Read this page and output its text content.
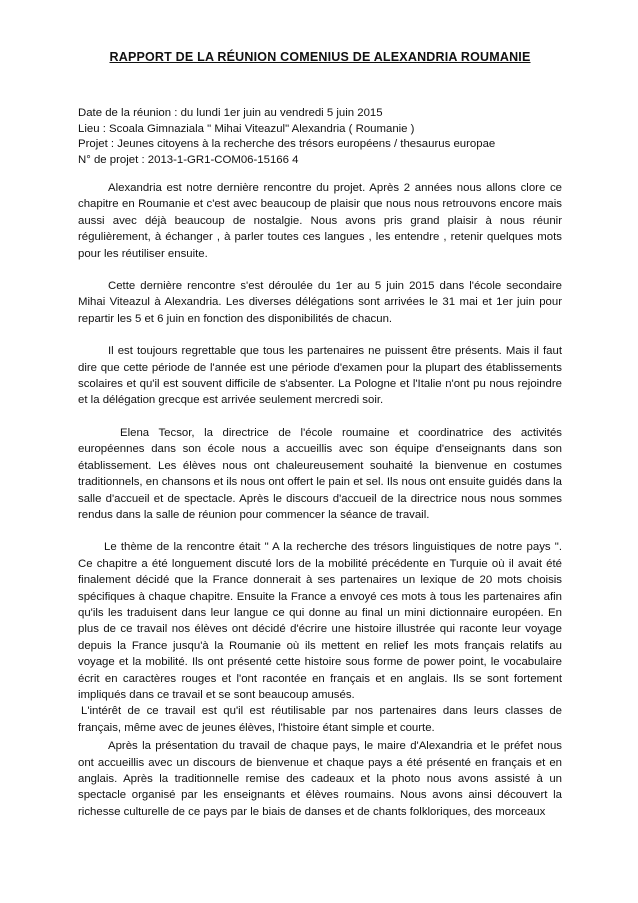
RAPPORT DE LA RÉUNION COMENIUS DE ALEXANDRIA ROUMANIE
Date de la réunion : du lundi 1er juin au vendredi 5 juin 2015
Lieu : Scoala Gimnaziala " Mihai Viteazul" Alexandria ( Roumanie )
Projet : Jeunes citoyens à la recherche des trésors européens / thesaurus europae
N° de projet : 2013-1-GR1-COM06-15166 4

Alexandria est notre dernière rencontre du projet. Après 2 années nous allons clore ce chapitre en Roumanie et c'est avec beaucoup de plaisir que nous nous retrouvons encore mais aussi avec déjà beaucoup de nostalgie. Nous avons pris grand plaisir à nous réunir régulièrement, à échanger , à parler toutes ces langues , les entendre , retenir quelques mots pour les réutiliser ensuite.

Cette dernière rencontre s'est déroulée du 1er au 5 juin 2015 dans l'école secondaire Mihai Viteazul à Alexandria. Les diverses délégations sont arrivées le 31 mai et 1er juin pour repartir les 5 et 6 juin en fonction des disponibilités de chacun.

Il est toujours regrettable que tous les partenaires ne puissent être présents. Mais il faut dire que cette période de l'année est une période d'examen pour la plupart des établissements scolaires et qu'il est souvent difficile de s'absenter. La Pologne et l'Italie n'ont pu nous rejoindre et la délégation grecque est arrivée seulement mercredi soir.

Elena Tecsor, la directrice de l'école roumaine et coordinatrice des activités européennes dans son école nous a accueillis avec son équipe d'enseignants dans son établissement. Les élèves nous ont chaleureusement souhaité la bienvenue en costumes traditionnels, en chansons et ils nous ont offert le pain et sel. Ils nous ont ensuite guidés dans la salle d'accueil et de spectacle. Après le discours d'accueil de la directrice nous nous sommes rendus dans la salle de réunion pour commencer la séance de travail.

Le thème de la rencontre était " A la recherche des trésors linguistiques de notre pays ". Ce chapitre a été longuement discuté lors de la mobilité précédente en Turquie où il avait été finalement décidé que la France donnerait à ses partenaires un lexique de 20 mots choisis spécifiques à chaque chapitre. Ensuite la France a envoyé ces mots à tous les partenaires afin qu'ils les traduisent dans leur langue ce qui donne au final un mini dictionnaire européen. En plus de ce travail nos élèves ont décidé d'écrire une histoire illustrée qui raconte leur voyage depuis la France jusqu'à la Roumanie où ils mettent en relief les mots français relatifs au voyage et la mobilité. Ils ont présenté cette histoire sous forme de power point, le vocabulaire écrit en caractères rouges et l'ont racontée en français et en anglais. Ils se sont fortement impliqués dans ce travail et se sont beaucoup amusés.

L'intérêt de ce travail est qu'il est réutilisable par nos partenaires dans leurs classes de français, même avec de jeunes élèves, l'histoire étant simple et courte.

Après la présentation du travail de chaque pays, le maire d'Alexandria et le préfet nous ont accueillis avec un discours de bienvenue et chaque pays a été présenté en français et en anglais. Après la traditionnelle remise des cadeaux et la photo nous avons assisté à un spectacle organisé par les enseignants et élèves roumains. Nous avons ainsi découvert la richesse culturelle de ce pays par le biais de danses et de chants folkloriques, des morceaux
